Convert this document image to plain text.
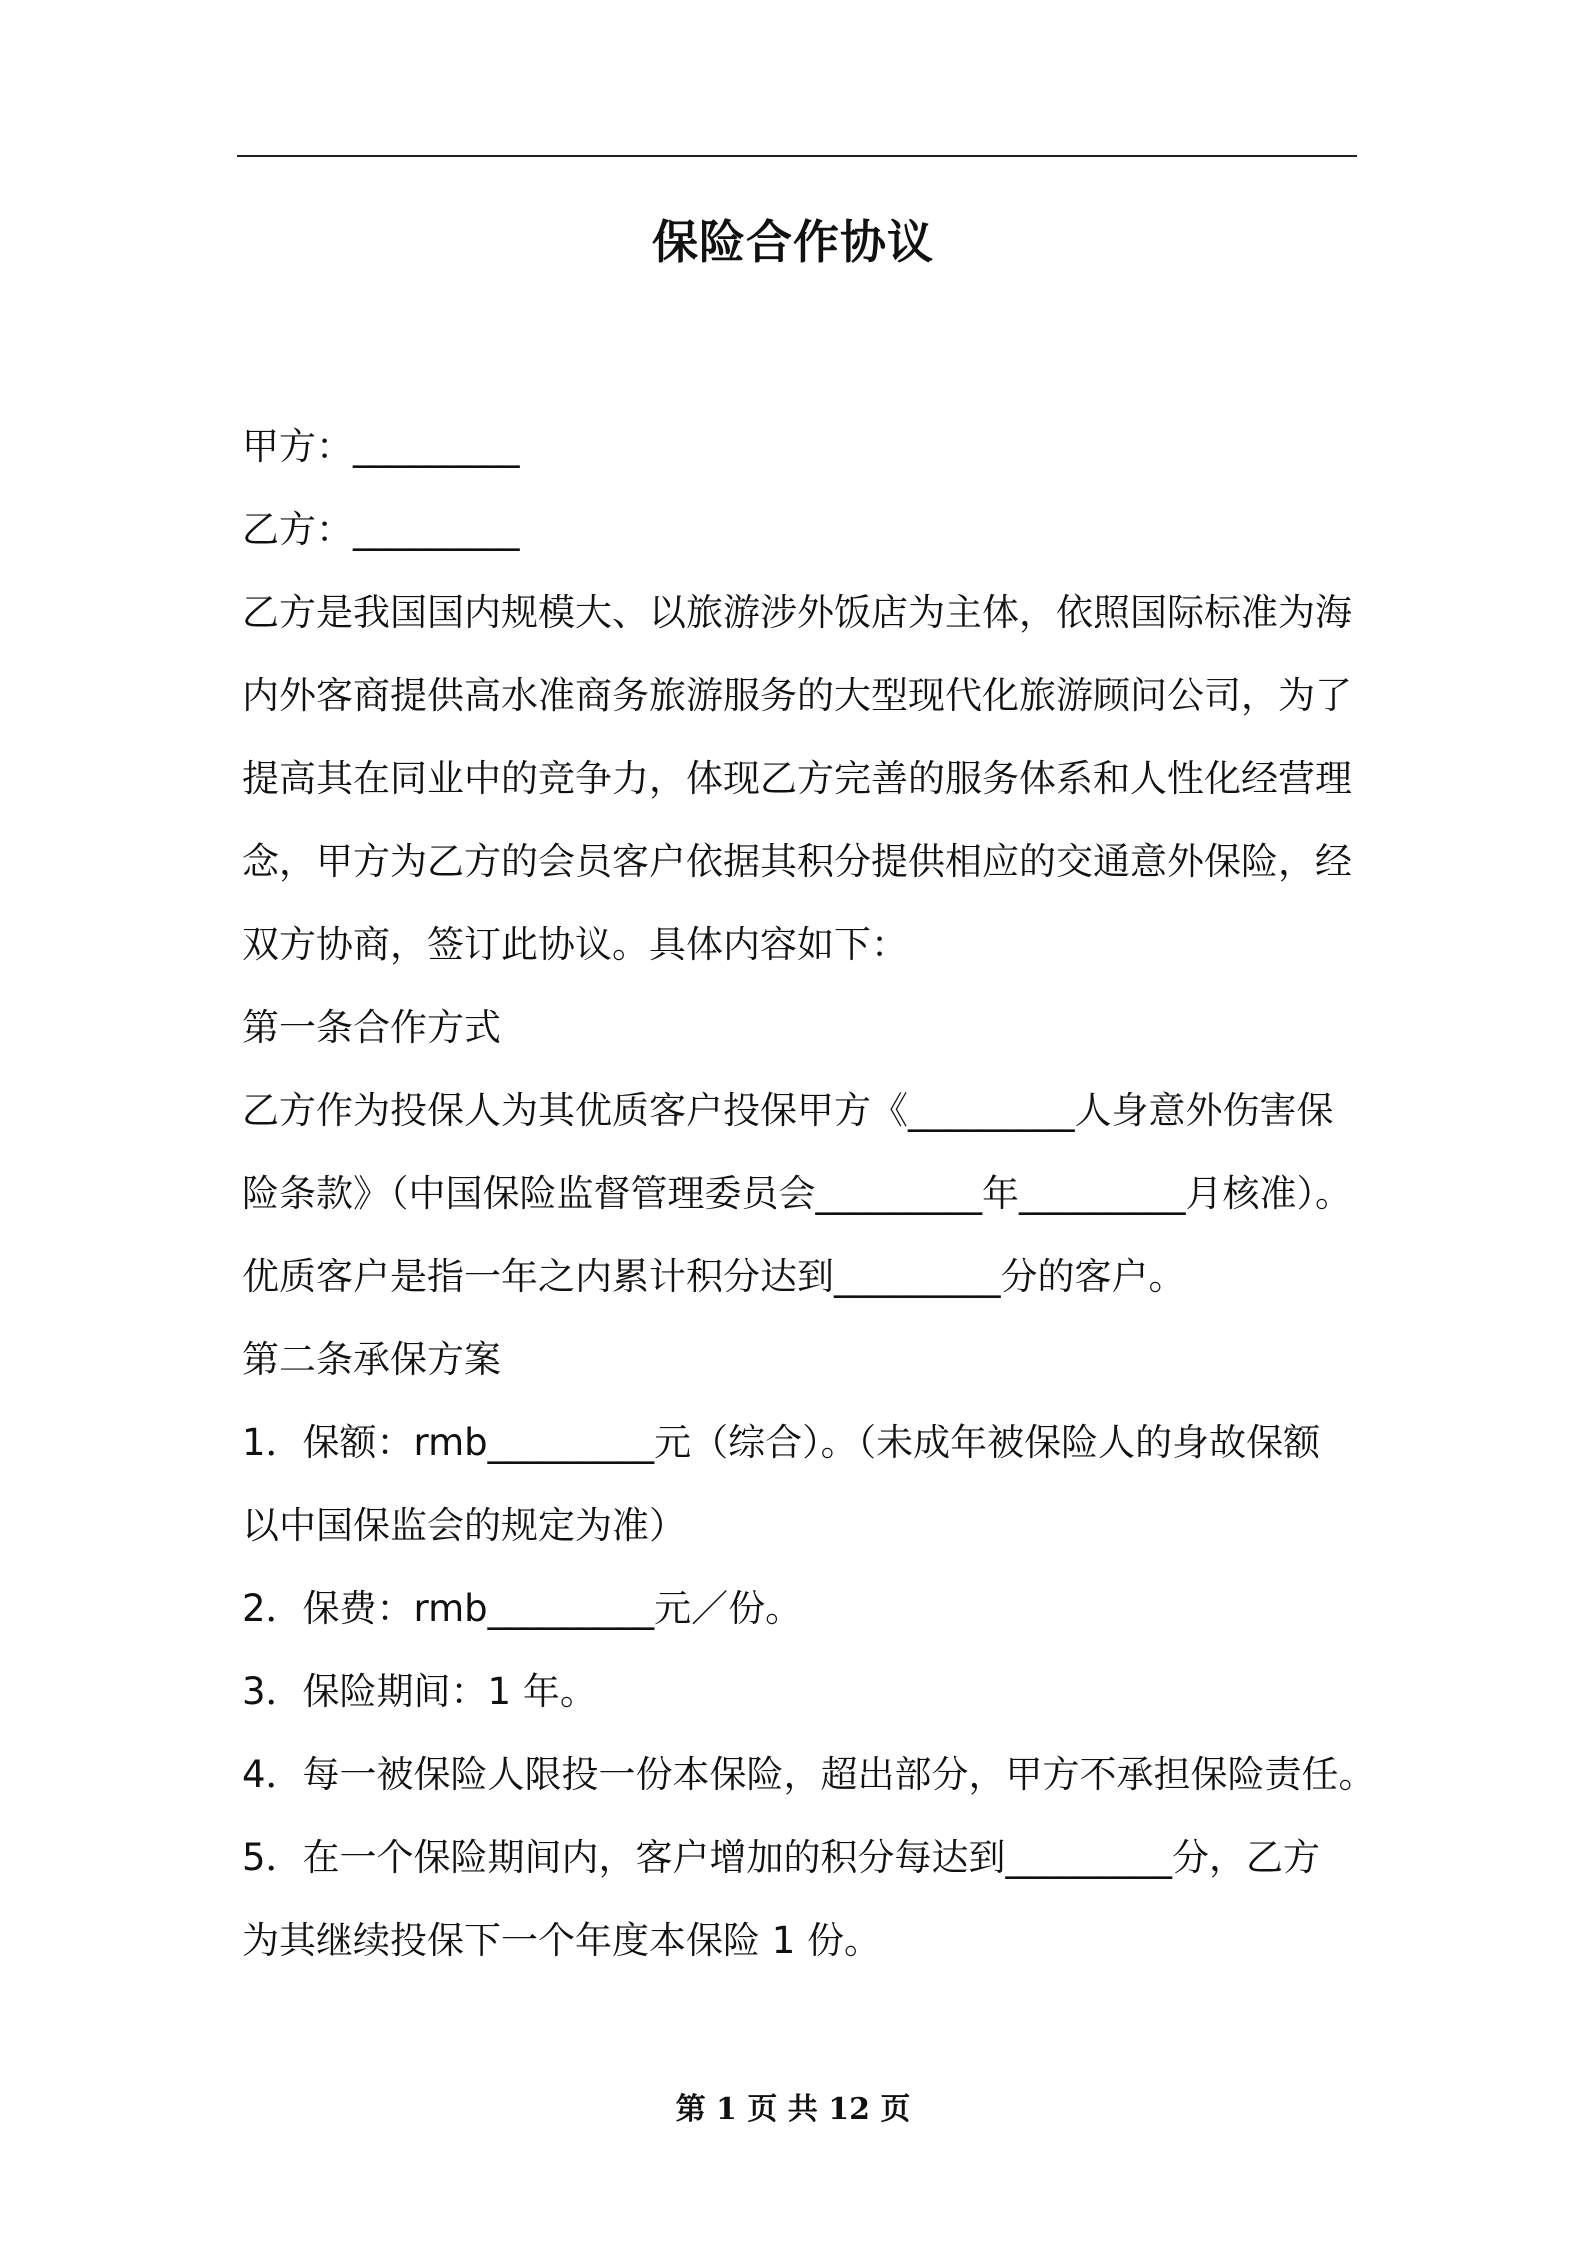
保险合作协议
甲方：_________
乙方：_________
乙方是我国国内规模大、以旅游涉外饭店为主体，依照国际标准为海
内外客商提供高水准商务旅游服务的大型现代化旅游顾问公司，为了
提高其在同业中的竞争力，体现乙方完善的服务体系和人性化经营理
念，甲方为乙方的会员客户依据其积分提供相应的交通意外保险，经
双方协商，签订此协议。具体内容如下：
第一条合作方式
乙方作为投保人为其优质客户投保甲方《_________人身意外伤害保
险条款》（中国保险监督管理委员会_________年_________月核准）。
优质客户是指一年之内累计积分达到_________分的客户。
第二条承保方案
1．保额：rmb_________元（综合）。（未成年被保险人的身故保额
以中国保监会的规定为准）
2．保费：rmb_________元／份。
3．保险期间：1 年。
4．每一被保险人限投一份本保险，超出部分，甲方不承担保险责任。
5．在一个保险期间内，客户增加的积分每达到_________分，乙方
为其继续投保下一个年度本保险 1 份。
第 1 页 共 12 页
